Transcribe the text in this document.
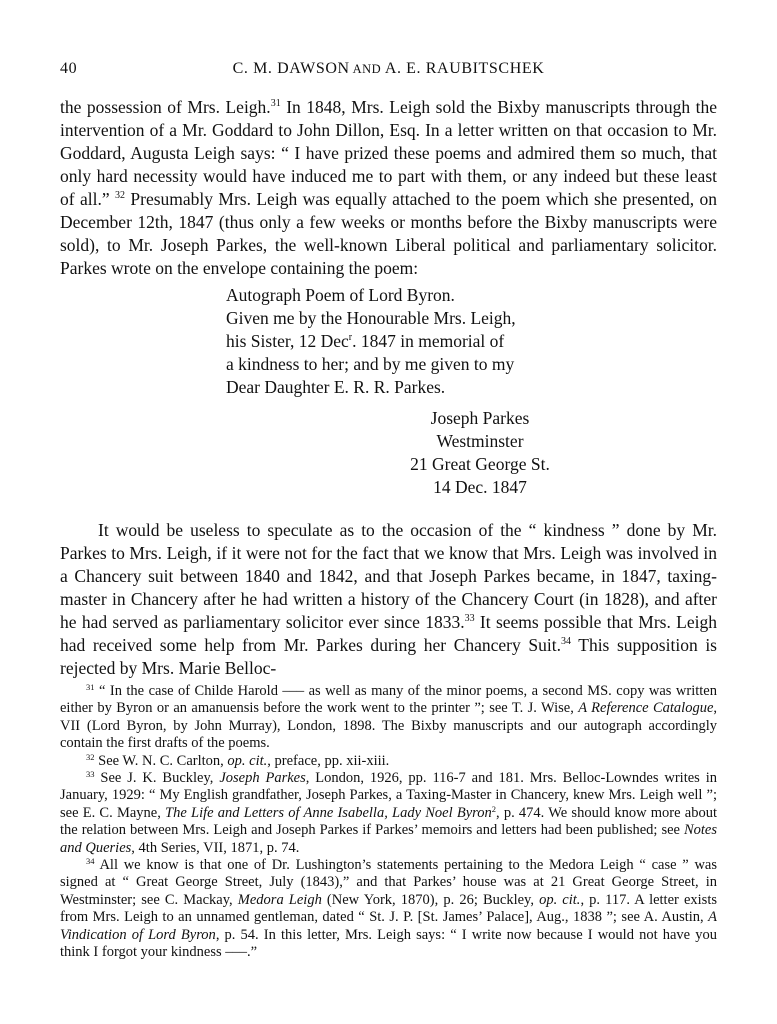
40	C. M. DAWSON AND A. E. RAUBITSCHEK

the possession of Mrs. Leigh.$^{31}$ In 1848, Mrs. Leigh sold the Bixby manuscripts through the intervention of a Mr. Goddard to John Dillon, Esq. In a letter written on that occasion to Mr. Goddard, Augusta Leigh says: “ I have prized these poems and admired them so much, that only hard necessity would have induced me to part with them, or any indeed but these least of all.” $^{32}$ Presumably Mrs. Leigh was equally attached to the poem which she presented, on December 12th, 1847 (thus only a few weeks or months before the Bixby manuscripts were sold), to Mr. Joseph Parkes, the well-known Liberal political and parliamentary solicitor. Parkes wrote on the envelope containing the poem:

Autograph Poem of Lord Byron.
Given me by the Honourable Mrs. Leigh,
his Sister, 12 Dec$^r$. 1847 in memorial of
a kindness to her; and by me given to my
Dear Daughter E. R. R. Parkes.
Joseph Parkes
Westminster
21 Great George St.
14 Dec. 1847

It would be useless to speculate as to the occasion of the “ kindness ” done by Mr. Parkes to Mrs. Leigh, if it were not for the fact that we know that Mrs. Leigh was involved in a Chancery suit between 1840 and 1842, and that Joseph Parkes became, in 1847, taxing-master in Chancery after he had written a history of the Chancery Court (in 1828), and after he had served as parliamentary solicitor ever since 1833.33 It seems possible that Mrs. Leigh had received some help from Mr. Parkes during her Chancery Suit.$^{34}$ This supposition is rejected by Mrs. Marie Belloc-

$^{31}$ “ In the case of Childe Harold ––– as well as many of the minor poems, a second MS. copy was written either by Byron or an amanuensis before the work went to the printer ”; see T. J. Wise, A Reference Catalogue, VII (Lord Byron, by John Murray), London, 1898. The Bixby manuscripts and our autograph accordingly contain the first drafts of the poems.

$^{32}$ See W. N. C. Carlton, op. cit., preface, pp. xii-xiii.

$^{33}$ See J. K. Buckley, Joseph Parkes, London, 1926, pp. 116-7 and 181. Mrs. Belloc-Lowndes writes in January, 1929: “ My English grandfather, Joseph Parkes, a Taxing-Master in Chancery, knew Mrs. Leigh well ”; see E. C. Mayne, The Life and Letters of Anne Isabella, Lady Noel Byron$^2$, p. 474. We should know more about the relation between Mrs. Leigh and Joseph Parkes if Parkes’ memoirs and letters had been published; see Notes and Queries, 4th Series, VII, 1871, p. 74.

$^{34}$ All we know is that one of Dr. Lushington’s statements pertaining to the Medora Leigh “ case ” was signed at “ Great George Street, July (1843),” and that Parkes’ house was at 21 Great George Street, in Westminster; see C. Mackay, Medora Leigh (New York, 1870), p. 26; Buckley, op. cit., p. 117. A letter exists from Mrs. Leigh to an unnamed gentleman, dated “ St. J. P. [St. James’ Palace], Aug., 1838 ”; see A. Austin, A Vindication of Lord Byron, p. 54. In this letter, Mrs. Leigh says: “ I write now because I would not have you think I forgot your kindness –––.”
